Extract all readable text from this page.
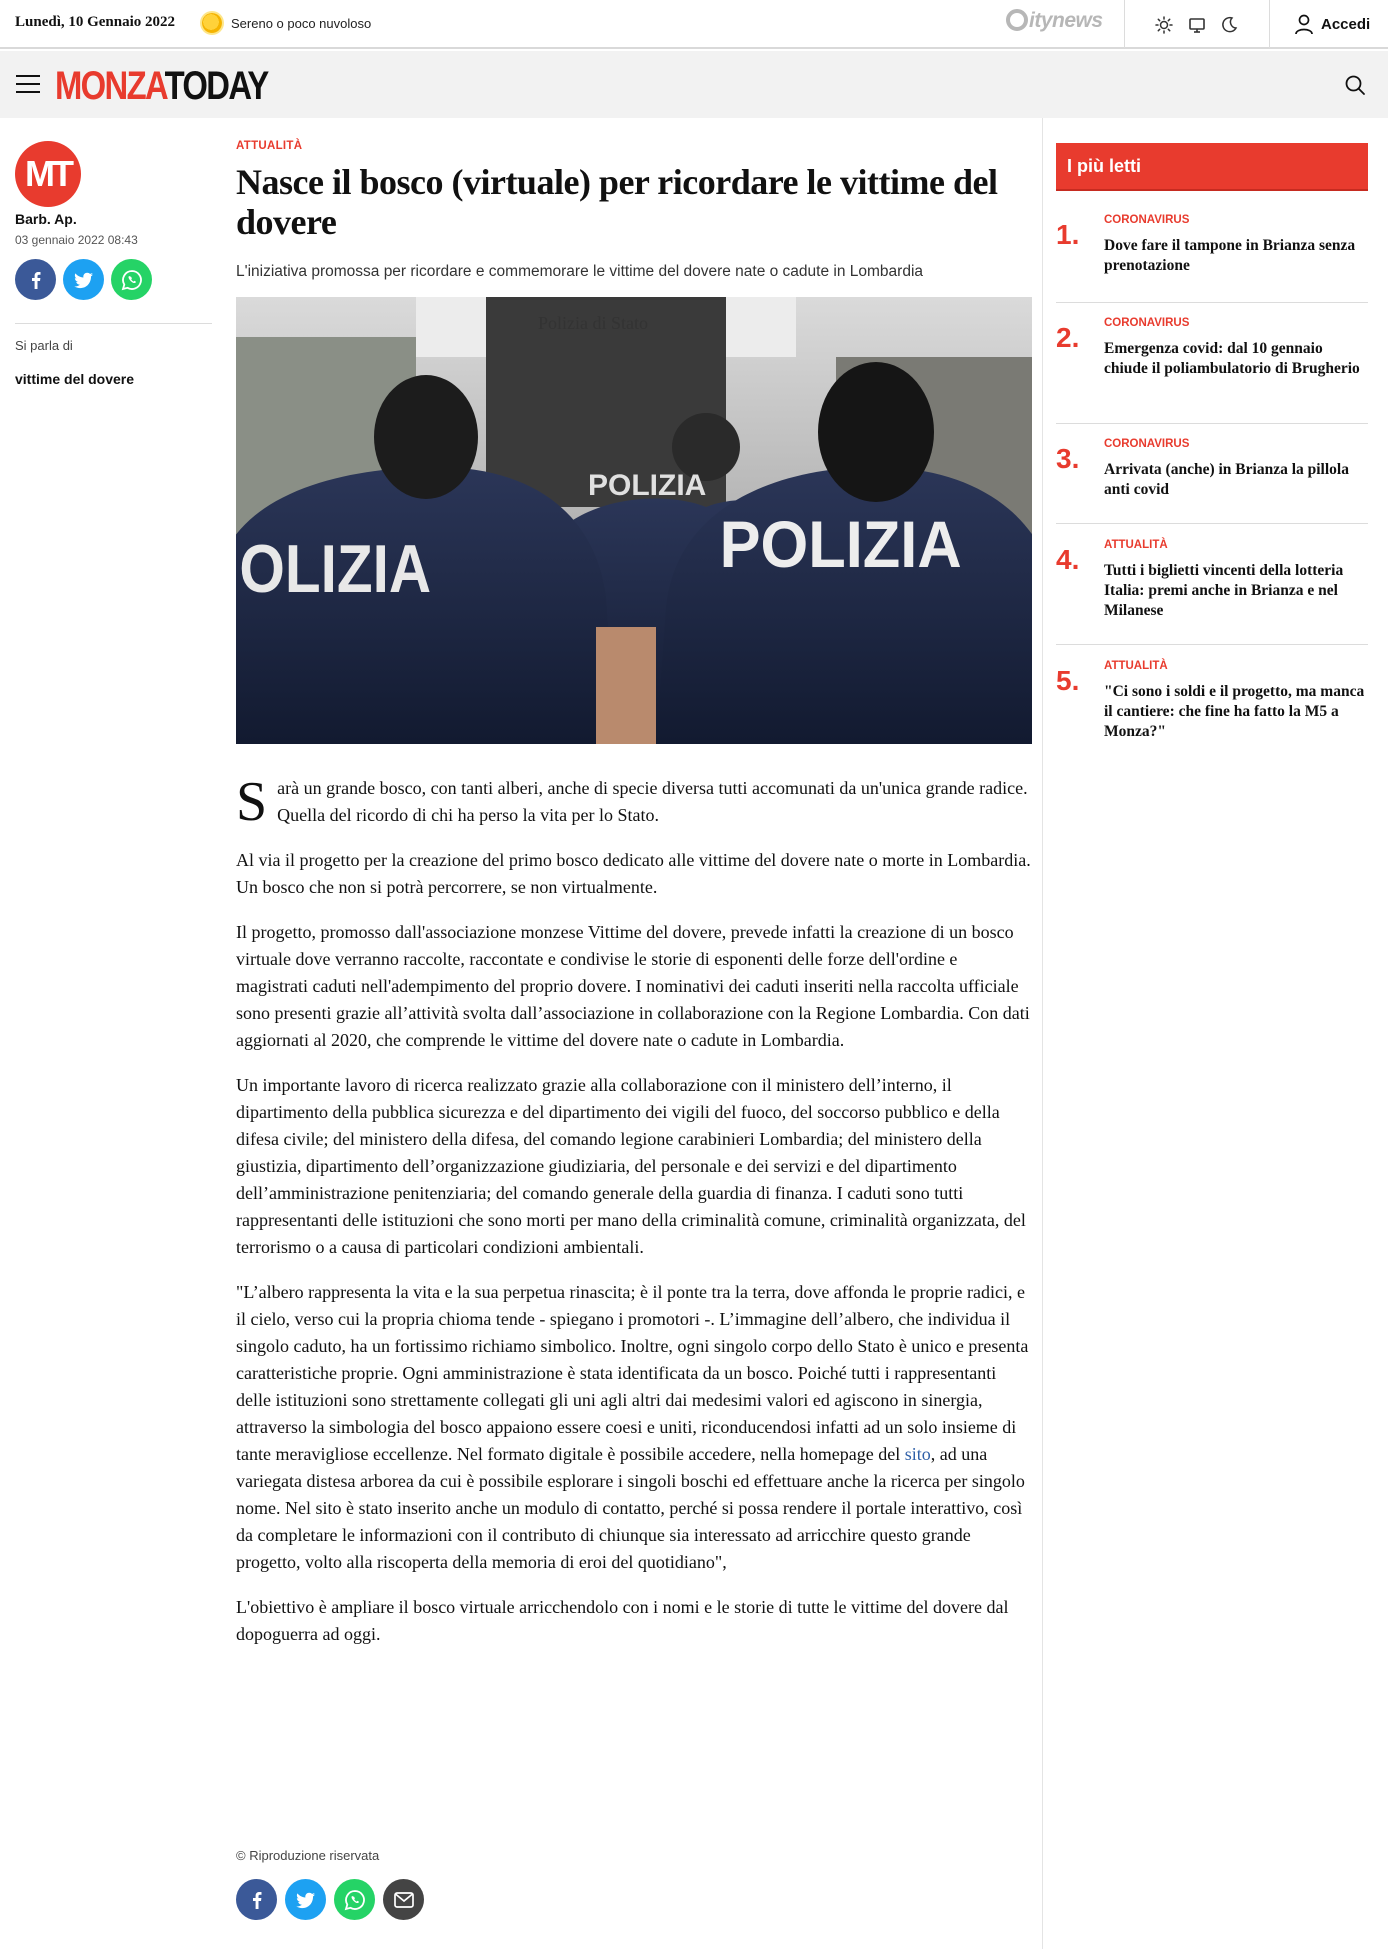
Lunedì, 10 Gennaio 2022	Sereno o poco nuvoloso	itynews	Accedi
MONZATODAY
MT
Barb. Ap.
03 gennaio 2022 08:43
Si parla di
vittime del dovere
ATTUALITÀ
Nasce il bosco (virtuale) per ricordare le vittime del dovere
L'iniziativa promossa per ricordare e commemorare le vittime del dovere nate o cadute in Lombardia
Polizia di Stato
OLIZIA
POLIZIA
POLIZIA

Sarà un grande bosco, con tanti alberi, anche di specie diversa tutti accomunati da un'unica grande radice. Quella del ricordo di chi ha perso la vita per lo Stato.

Al via il progetto per la creazione del primo bosco dedicato alle vittime del dovere nate o morte in Lombardia. Un bosco che non si potrà percorrere, se non virtualmente.

Il progetto, promosso dall'associazione monzese Vittime del dovere, prevede infatti la creazione di un bosco virtuale dove verranno raccolte, raccontate e condivise le storie di esponenti delle forze dell'ordine e magistrati caduti nell'adempimento del proprio dovere. I nominativi dei caduti inseriti nella raccolta ufficiale sono presenti grazie all’attività svolta dall’associazione in collaborazione con la Regione Lombardia. Con dati aggiornati al 2020, che comprende le vittime del dovere nate o cadute in Lombardia.

Un importante lavoro di ricerca realizzato grazie alla collaborazione con il ministero dell’interno, il dipartimento della pubblica sicurezza e del dipartimento dei vigili del fuoco, del soccorso pubblico e della difesa civile; del ministero della difesa, del comando legione carabinieri Lombardia; del ministero della giustizia, dipartimento dell’organizzazione giudiziaria, del personale e dei servizi e del dipartimento dell’amministrazione penitenziaria; del comando generale della guardia di finanza. I caduti sono tutti rappresentanti delle istituzioni che sono morti per mano della criminalità comune, criminalità organizzata, del terrorismo o a causa di particolari condizioni ambientali.

"L’albero rappresenta la vita e la sua perpetua rinascita; è il ponte tra la terra, dove affonda le proprie radici, e il cielo, verso cui la propria chioma tende - spiegano i promotori -. L’immagine dell’albero, che individua il singolo caduto, ha un fortissimo richiamo simbolico. Inoltre, ogni singolo corpo dello Stato è unico e presenta caratteristiche proprie. Ogni amministrazione è stata identificata da un bosco. Poiché tutti i rappresentanti delle istituzioni sono strettamente collegati gli uni agli altri dai medesimi valori ed agiscono in sinergia, attraverso la simbologia del bosco appaiono essere coesi e uniti, riconducendosi infatti ad un solo insieme di tante meravigliose eccellenze. Nel formato digitale è possibile accedere, nella homepage del sito, ad una variegata distesa arborea da cui è possibile esplorare i singoli boschi ed effettuare anche la ricerca per singolo nome. Nel sito è stato inserito anche un modulo di contatto, perché si possa rendere il portale interattivo, così da completare le informazioni con il contributo di chiunque sia interessato ad arricchire questo grande progetto, volto alla riscoperta della memoria di eroi del quotidiano",

L'obiettivo è ampliare il bosco virtuale arricchendolo con i nomi e le storie di tutte le vittime del dovere dal dopoguerra ad oggi.

© Riproduzione riservata
I più letti
CORONAVIRUS
1. Dove fare il tampone in Brianza senza prenotazione
CORONAVIRUS
2. Emergenza covid: dal 10 gennaio chiude il poliambulatorio di Brugherio
CORONAVIRUS
3. Arrivata (anche) in Brianza la pillola anti covid
ATTUALITÀ
4. Tutti i biglietti vincenti della lotteria Italia: premi anche in Brianza e nel Milanese
ATTUALITÀ
5. "Ci sono i soldi e il progetto, ma manca il cantiere: che fine ha fatto la M5 a Monza?"
